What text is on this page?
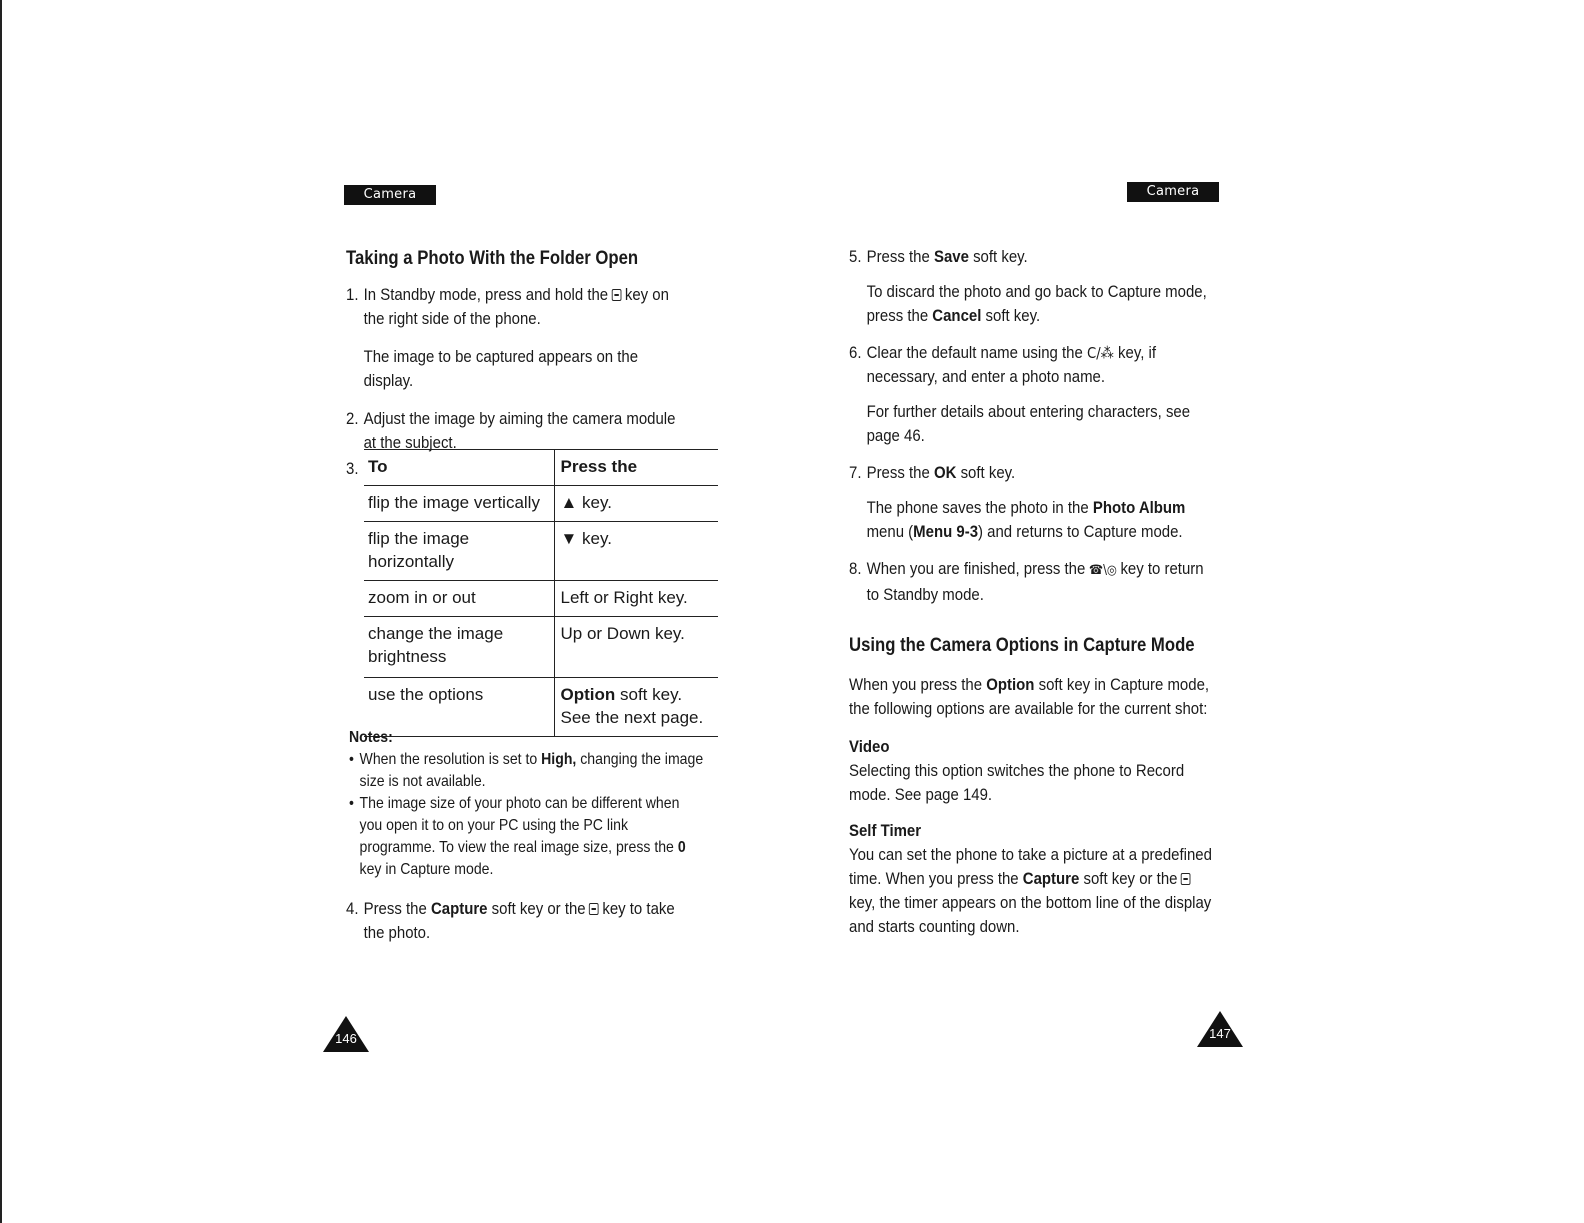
Camera	Camera

Taking a Photo With the Folder Open

1. In Standby mode, press and hold the key on the right side of the phone.

The image to be captured appears on the display.

2. Adjust the image by aiming the camera module at the subject.
3. To	Press the
flip the image vertically	▲ key.
flip the image horizontally	▼ key.
zoom in or out	Left or Right key.
change the image brightness	Up or Down key.
use the options	Option soft key.
See the next page.

Notes:

• When the resolution is set to High, changing the image size is not available.
• The image size of your photo can be different when you open it to on your PC using the PC link programme. To view the real image size, press the 0 key in Capture mode.
4. Press the Capture soft key or the key to take the photo.
146
5. Press the Save soft key.

To discard the photo and go back to Capture mode, press the Cancel soft key.

6. Clear the default name using the C/⁂ key, if necessary, and enter a photo name.

For further details about entering characters, see page 46.

7. Press the OK soft key.

The phone saves the photo in the Photo Album menu (Menu 9-3) and returns to Capture mode.

8. When you are finished, press the ☎\◎ key to return to Standby mode.

Using the Camera Options in Capture Mode

When you press the Option soft key in Capture mode, the following options are available for the current shot:

Video

Selecting this option switches the phone to Record mode. See page 149.

Self Timer

You can set the phone to take a picture at a predefined time. When you press the Capture soft key or thekey, the timer appears on the bottom line of the display and starts counting down.

147
